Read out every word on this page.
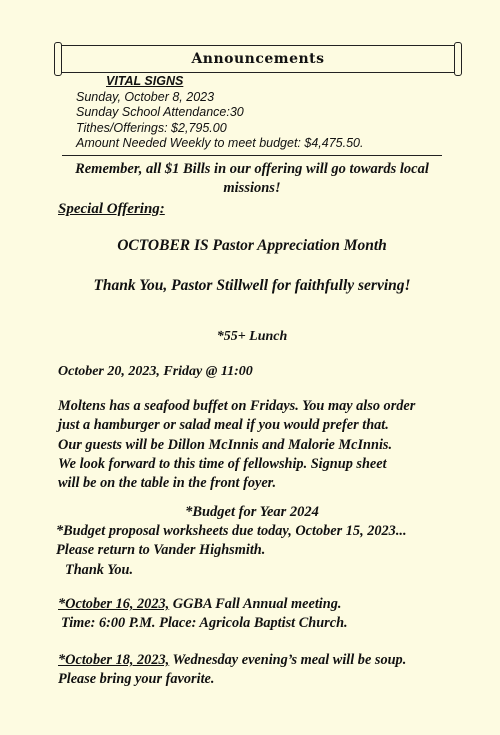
Announcements
VITAL SIGNS
Sunday, October 8, 2023
Sunday School Attendance:30
Tithes/Offerings: $2,795.00
Amount Needed Weekly to meet budget: $4,475.50.
Remember, all $1 Bills in our offering will go towards local missions!
Special Offering:
OCTOBER IS Pastor Appreciation Month
Thank You, Pastor Stillwell for faithfully serving!
*55+ Lunch
October 20, 2023, Friday @ 11:00
Moltens has a seafood buffet on Fridays. You may also order
just a hamburger or salad meal if you would prefer that.
Our guests will be Dillon McInnis and Malorie McInnis.
We look forward to this time of fellowship. Signup sheet
will be on the table in the front foyer.
*Budget for Year 2024
*Budget proposal worksheets due today, October 15, 2023...
Please return to Vander Highsmith.
Thank You.
*October 16, 2023, GGBA Fall Annual meeting.
Time: 6:00 P.M. Place: Agricola Baptist Church.
*October 18, 2023, Wednesday evening’s meal will be soup.
Please bring your favorite.
